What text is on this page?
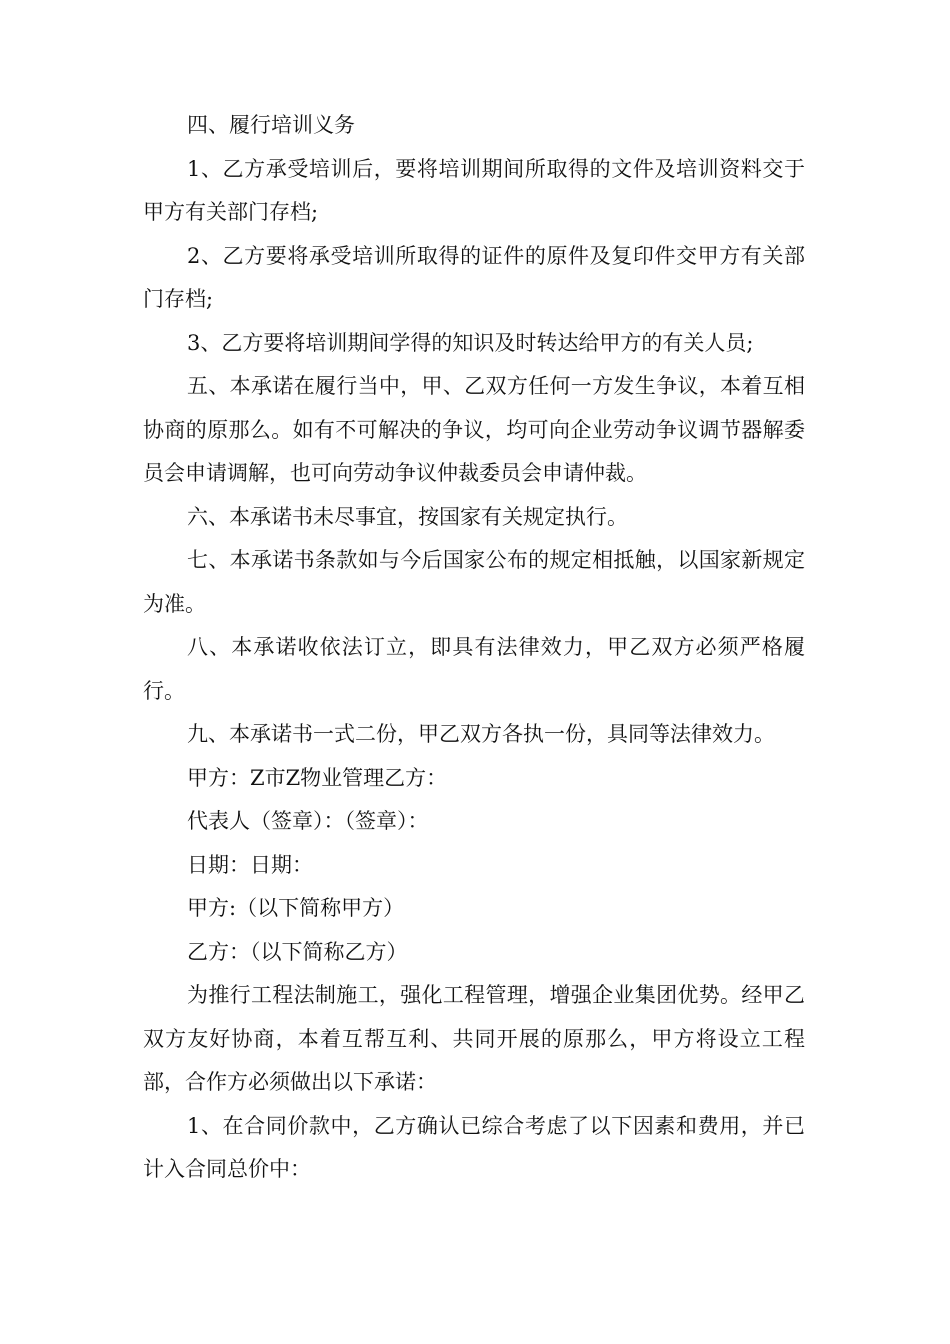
四、履行培训义务

1、乙方承受培训后，要将培训期间所取得的文件及培训资料交于甲方有关部门存档;

2、乙方要将承受培训所取得的证件的原件及复印件交甲方有关部门存档;

3、乙方要将培训期间学得的知识及时转达给甲方的有关人员;

五、本承诺在履行当中，甲、乙双方任何一方发生争议，本着互相协商的原那么。如有不可解决的争议，均可向企业劳动争议调节器解委员会申请调解，也可向劳动争议仲裁委员会申请仲裁。

六、本承诺书未尽事宜，按国家有关规定执行。

七、本承诺书条款如与今后国家公布的规定相抵触，以国家新规定为准。

八、本承诺收依法订立，即具有法律效力，甲乙双方必须严格履行。

九、本承诺书一式二份，甲乙双方各执一份，具同等法律效力。

甲方：Z市Z物业管理乙方：

代表人（签章）：（签章）：

日期：日期：

甲方:（以下简称甲方）

乙方：（以下简称乙方）

为推行工程法制施工，强化工程管理，增强企业集团优势。经甲乙双方友好协商，本着互帮互利、共同开展的原那么，甲方将设立工程部，合作方必须做出以下承诺：

1、在合同价款中，乙方确认已综合考虑了以下因素和费用，并已计入合同总价中：
